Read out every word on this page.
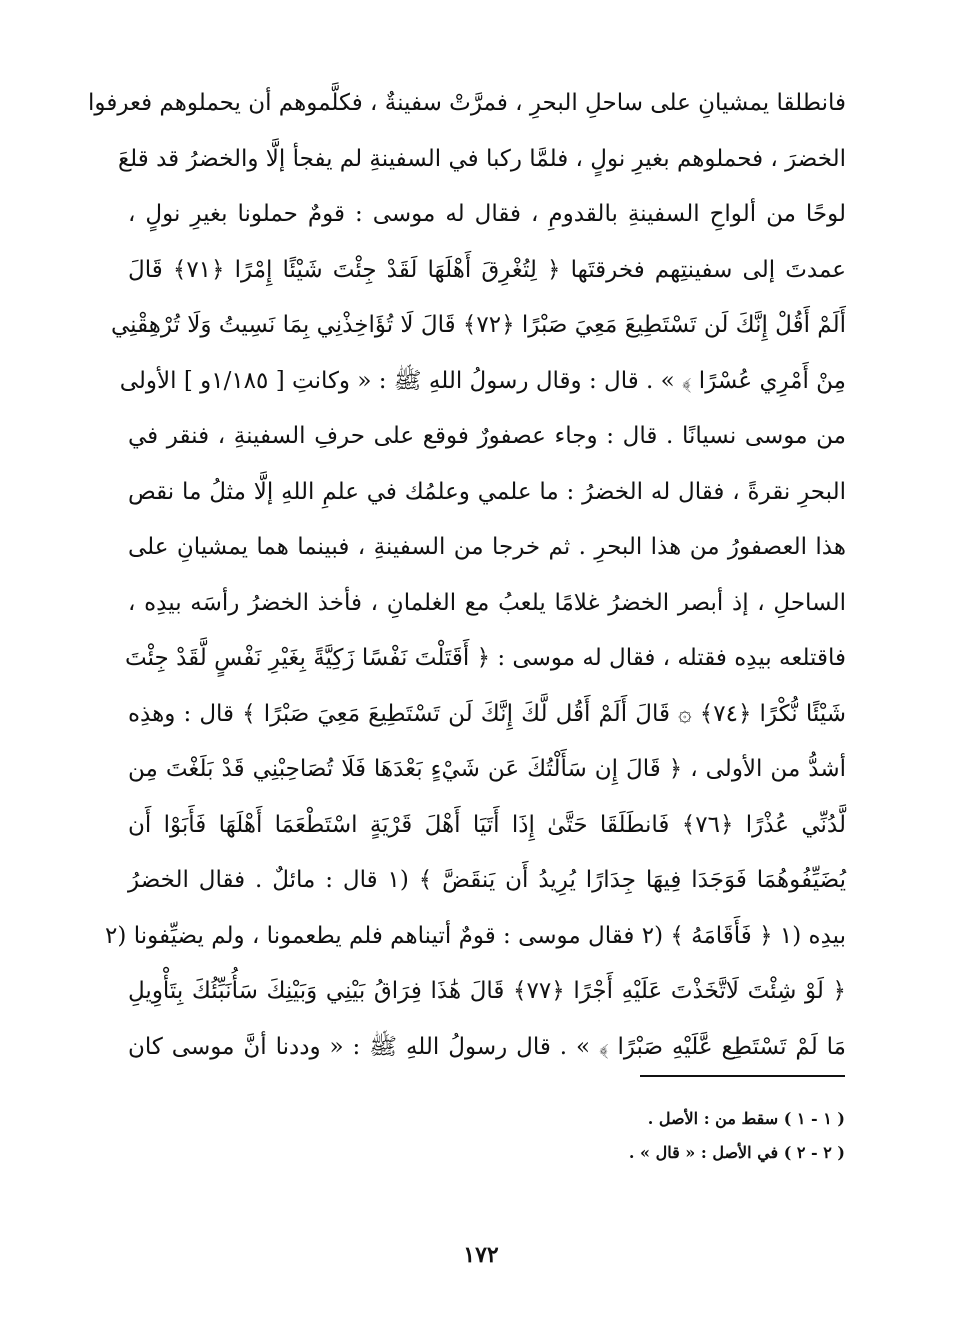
فانطلقا يمشيانِ على ساحلِ البحرِ ، فمرَّتْ سفينةٌ ، فكلَّموهم أن يحملوهم فعرفوا
الخضرَ ، فحملوهم بغيرِ نولٍ ، فلمَّا ركبا في السفينةِ لم يفجأ إلَّا والخضرُ قد قلعَ
لوحًا من ألواحِ السفينةِ بالقدومِ ، فقال له موسى : قومٌ حملونا بغيرِ نولٍ ،
عمدتَ إلى سفينتِهم فخرقتَها ﴿ لِتُغْرِقَ أَهْلَهَا لَقَدْ جِئْتَ شَيْئًا إِمْرًا ﴿٧١﴾ قَالَ
أَلَمْ أَقُلْ إِنَّكَ لَن تَسْتَطِيعَ مَعِيَ صَبْرًا ﴿٧٢﴾ قَالَ لَا تُؤَاخِذْنِي بِمَا نَسِيتُ وَلَا تُرْهِقْنِي
مِنْ أَمْرِي عُسْرًا ﴾ » . قال : وقال رسولُ اللهِ ﷺ : « وكانتِ [ ١/١٨٥و ] الأولى
من موسى نسيانًا . قال : وجاء عصفورٌ فوقع على حرفِ السفينةِ ، فنقر في
البحرِ نقرةً ، فقال له الخضرُ : ما علمي وعلمُك في علمِ اللهِ إلَّا مثلُ ما نقص
هذا العصفورُ من هذا البحرِ . ثم خرجا من السفينةِ ، فبينما هما يمشيانِ على
الساحلِ ، إذ أبصر الخضرُ غلامًا يلعبُ مع الغلمانِ ، فأخذ الخضرُ رأسَه بيدِه ،
فاقتلعه بيدِه فقتله ، فقال له موسى : ﴿ أَقَتَلْتَ نَفْسًا زَكِيَّةً بِغَيْرِ نَفْسٍ لَّقَدْ جِئْتَ
شَيْئًا نُّكْرًا ﴿٧٤﴾ ۞ قَالَ أَلَمْ أَقُل لَّكَ إِنَّكَ لَن تَسْتَطِيعَ مَعِيَ صَبْرًا ﴾ قال : وهذِه
أشدُّ من الأولى ، ﴿ قَالَ إِن سَأَلْتُكَ عَن شَيْءٍ بَعْدَهَا فَلَا تُصَاحِبْنِي قَدْ بَلَغْتَ مِن
لَّدُنِّي عُذْرًا ﴿٧٦﴾ فَانطَلَقَا حَتَّىٰ إِذَا أَتَيَا أَهْلَ قَرْيَةٍ اسْتَطْعَمَا أَهْلَهَا فَأَبَوْا أَن
يُضَيِّفُوهُمَا فَوَجَدَا فِيهَا جِدَارًا يُرِيدُ أَن يَنقَضَّ ﴾ (١ قال : مائلٌ . فقال الخضرُ
بيدِه (١ ﴿ فَأَقَامَهُ ﴾ (٢ فقال موسى : قومٌ أتيناهم فلم يطعمونا ، ولم يضيِّفونا (٢
﴿ لَوْ شِئْتَ لَاتَّخَذْتَ عَلَيْهِ أَجْرًا ﴿٧٧﴾ قَالَ هَٰذَا فِرَاقُ بَيْنِي وَبَيْنِكَ سَأُنَبِّئُكَ بِتَأْوِيلِ
مَا لَمْ تَسْتَطِع عَّلَيْهِ صَبْرًا ﴾ » . قال رسولُ اللهِ ﷺ : « وددنا أنَّ موسى كان
( ١ - ١ ) سقط من : الأصل .
( ٢ - ٢ ) في الأصل : « قال » .
١٧٢
